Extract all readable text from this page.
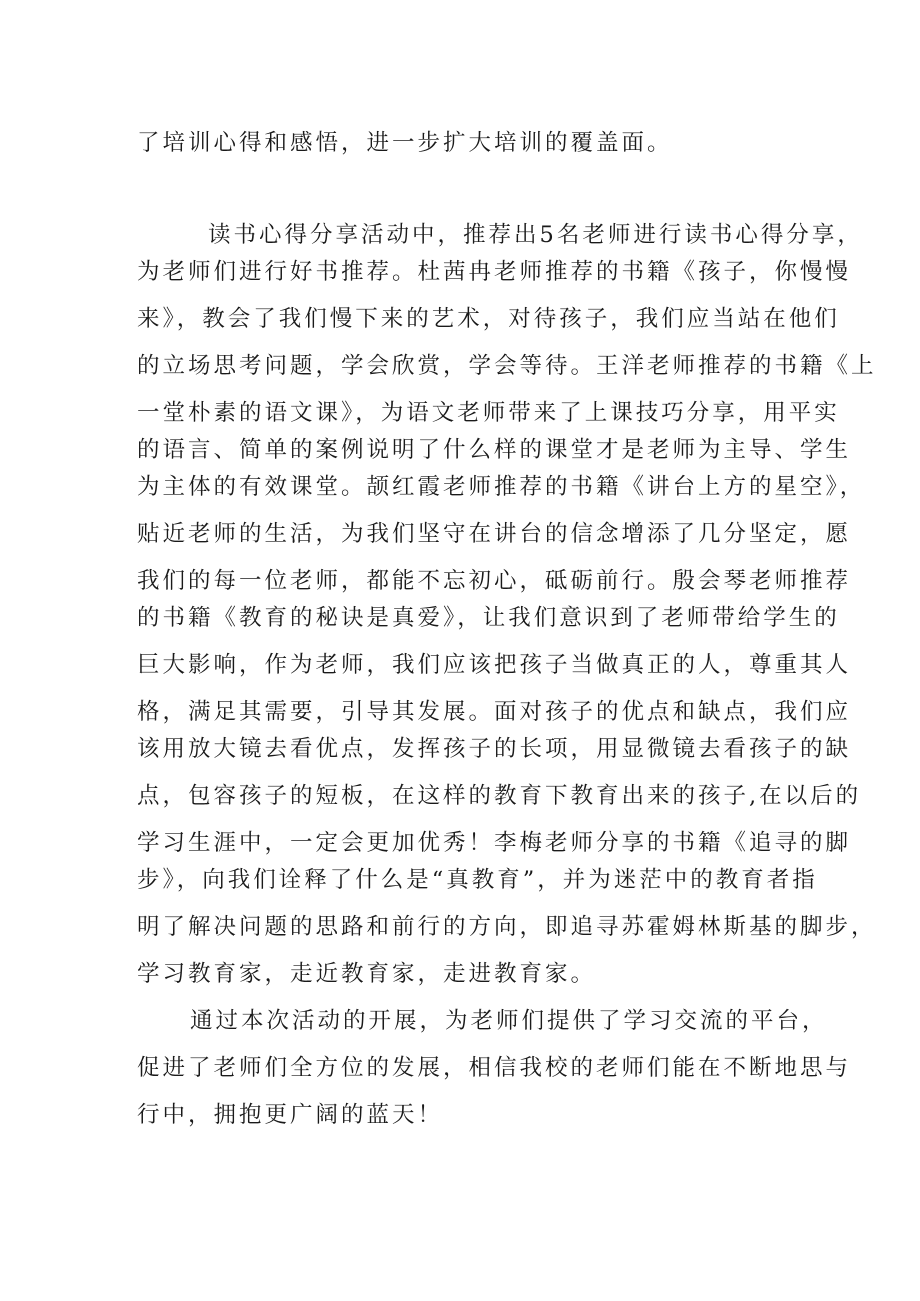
了培训心得和感悟，进一步扩大培训的覆盖面。
读书心得分享活动中，推荐出5名老师进行读书心得分享，
为老师们进行好书推荐。杜茜冉老师推荐的书籍《孩子，你慢慢
来》，教会了我们慢下来的艺术，对待孩子，我们应当站在他们
的立场思考问题，学会欣赏，学会等待。王洋老师推荐的书籍《上
一堂朴素的语文课》，为语文老师带来了上课技巧分享，用平实
的语言、简单的案例说明了什么样的课堂才是老师为主导、学生
为主体的有效课堂。颉红霞老师推荐的书籍《讲台上方的星空》，
贴近老师的生活，为我们坚守在讲台的信念增添了几分坚定，愿
我们的每一位老师，都能不忘初心，砥砺前行。殷会琴老师推荐
的书籍《教育的秘诀是真爱》，让我们意识到了老师带给学生的
巨大影响，作为老师，我们应该把孩子当做真正的人，尊重其人
格，满足其需要，引导其发展。面对孩子的优点和缺点，我们应
该用放大镜去看优点，发挥孩子的长项，用显微镜去看孩子的缺
点，包容孩子的短板，在这样的教育下教育出来的孩子,在以后的
学习生涯中，一定会更加优秀！李梅老师分享的书籍《追寻的脚
步》，向我们诠释了什么是“真教育”，并为迷茫中的教育者指
明了解决问题的思路和前行的方向，即追寻苏霍姆林斯基的脚步，
学习教育家，走近教育家，走进教育家。
通过本次活动的开展，为老师们提供了学习交流的平台，
促进了老师们全方位的发展，相信我校的老师们能在不断地思与
行中，拥抱更广阔的蓝天！
